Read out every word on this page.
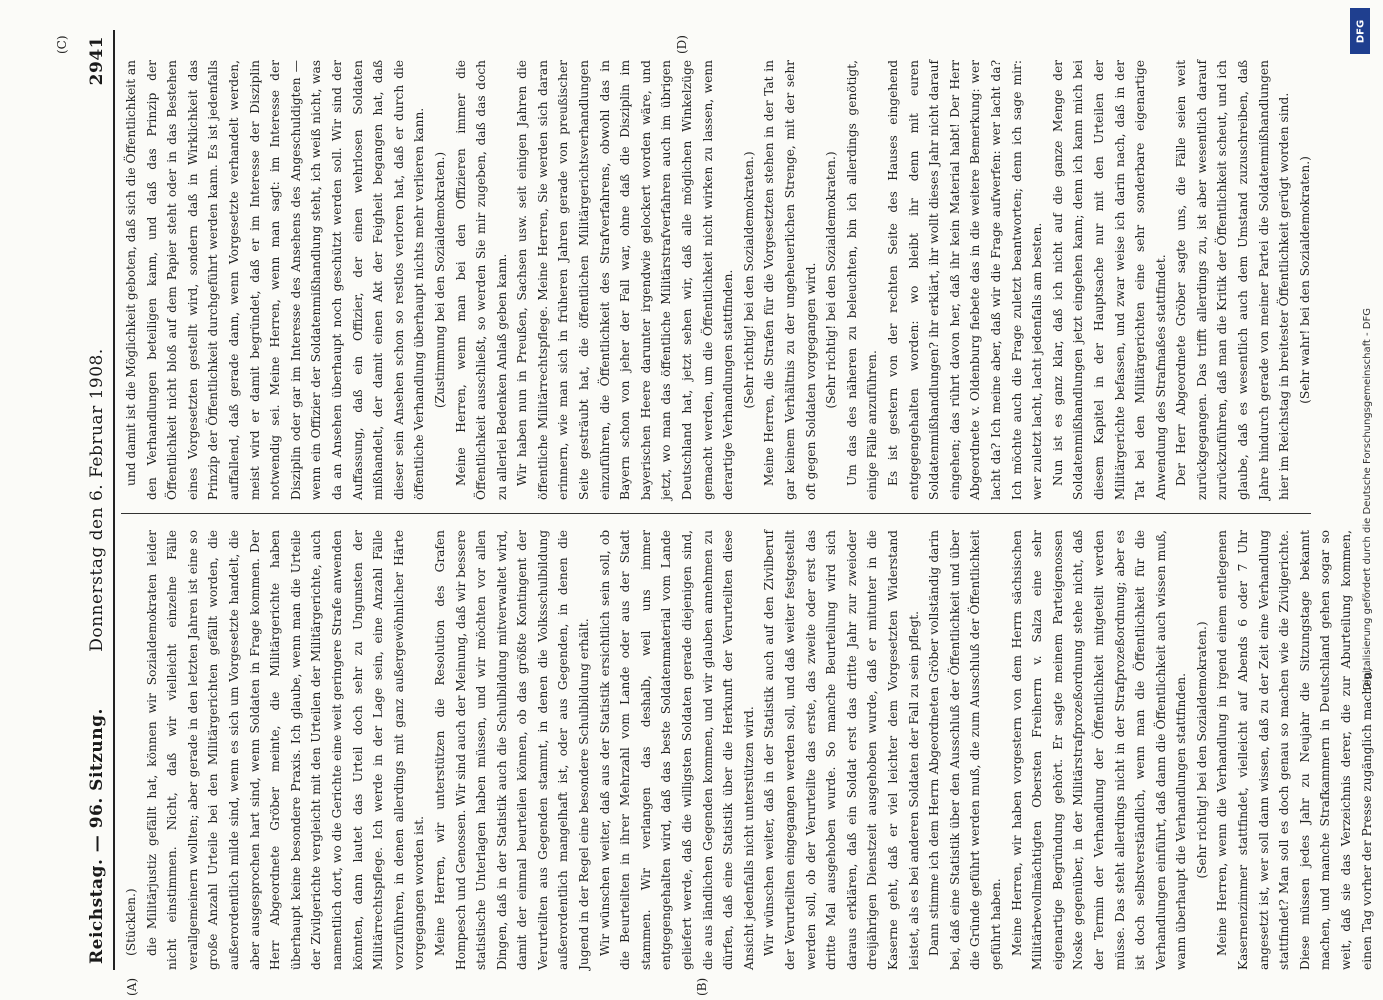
Reichstag. — 96. Sitzung.
Donnerstag den 6. Februar 1908.
2941
(A)	(B)
(C)	(D)

(Stücklen.) die Militärjustiz gefällt hat, können wir Sozialdemokraten leider nicht einstimmen. Nicht, daß wir vielleicht einzelne Fälle verallgemeinern wollten; aber gerade in den letzten Jahren ist eine so große Anzahl Urteile bei den Militärgerichten gefällt worden, die außerordentlich milde sind, wenn es sich um Vorgesetzte handelt, die aber ausgesprochen hart sind, wenn Soldaten in Frage kommen. Der Herr Abgeordnete Gröber meinte, die Militärgerichte haben überhaupt keine besondere Praxis. Ich glaube, wenn man die Urteile der Zivilgerichte vergleicht mit den Urteilen der Militärgerichte, auch namentlich dort, wo die Gerichte eine weit geringere Strafe anwenden könnten, dann lautet das Urteil doch sehr zu Ungunsten der Militärrechtspflege. Ich werde in der Lage sein, eine Anzahl Fälle vorzuführen, in denen allerdings mit ganz außergewöhnlicher Härte vorgegangen worden ist. Meine Herren, wir unterstützen die Resolution des Grafen Hompesch und Genossen. Wir sind auch der Meinung, daß wir bessere statistische Unterlagen haben müssen, und wir möchten vor allen Dingen, daß in der Statistik auch die Schulbildung mitverwaltet wird, damit der einmal beurteilen können, ob das größte Kontingent der Verurteilten aus Gegenden stammt, in denen die Volksschulbildung außerordentlich mangelhaft ist, oder aus Gegenden, in denen die Jugend in der Regel eine besondere Schulbildung erhält. Wir wünschen weiter, daß aus der Statistik ersichtlich sein soll, ob die Beurteilten in ihrer Mehrzahl vom Lande oder aus der Stadt stammen. Wir verlangen das deshalb, weil uns immer entgegengehalten wird, daß das beste Soldatenmaterial vom Lande geliefert werde, daß die willigsten Soldaten gerade diejenigen sind, die aus ländlichen Gegenden kommen, und wir glauben annehmen zu dürfen, daß eine Statistik über die Herkunft der Verurteilten diese Ansicht jedenfalls nicht unterstützen wird. Wir wünschen weiter, daß in der Statistik auch auf den Zivilberuf der Verurteilten eingegangen werden soll, und daß weiter festgestellt werden soll, ob der Verurteilte das erste, das zweite oder erst das dritte Mal ausgehoben wurde. So manche Beurteilung wird sich daraus erklären, daß ein Soldat erst das dritte Jahr zur zweioder dreijährigen Dienstzeit ausgehoben wurde, daß er mitunter in die Kaserne geht, daß er viel leichter dem Vorgesetzten Widerstand leistet, als es bei anderen Soldaten der Fall zu sein pflegt. Dann stimme ich dem Herrn Abgeordneten Gröber vollständig darin bei, daß eine Statistik über den Ausschluß der Öffentlichkeit und über die Gründe geführt werden muß, die zum Ausschluß der Öffentlichkeit geführt haben. Meine Herren, wir haben vorgestern von dem Herrn sächsischen Militärbevollmächtigten Obersten Freiherrn v. Salza eine sehr eigenartige Begründung gehört. Er sagte meinem Parteigenossen Noske gegenüber, in der Militärstrafprozeßordnung stehe nicht, daß der Termin der Verhandlung der Öffentlichkeit mitgeteilt werden müsse. Das steht allerdings nicht in der Strafprozeßordnung; aber es ist doch selbstverständlich, wenn man die Öffentlichkeit für die Verhandlungen einführt, daß dann die Öffentlichkeit auch wissen muß, wann überhaupt die Verhandlungen stattfinden. (Sehr richtig! bei den Sozialdemokraten.) Meine Herren, wenn die Verhandlung in irgend einem entlegenen Kasernenzimmer stattfindet, vielleicht auf Abends 6 oder 7 Uhr angesetzt ist, wer soll dann wissen, daß zu der Zeit eine Verhandlung stattfindet? Man soll es doch genau so machen wie die Zivilgerichte. Diese müssen jedes Jahr zu Neujahr die Sitzungstage bekannt machen, und manche Strafkammern in Deutschland gehen sogar so weit, daß sie das Verzeichnis derer, die zur Aburteilung kommen, einen Tag vorher der Presse zugänglich machen,

und damit ist die Möglichkeit geboten, daß sich die Öffentlichkeit an den Verhandlungen beteiligen kann, und daß das Prinzip der Öffentlichkeit nicht bloß auf dem Papier steht oder in das Bestehen eines Vorgesetzten gestellt wird, sondern daß in Wirklichkeit das Prinzip der Öffentlichkeit durchgeführt werden kann. Es ist jedenfalls auffallend, daß gerade dann, wenn Vorgesetzte verhandelt werden, meist wird er damit begründet, daß er im Interesse der Disziplin notwendig sei. Meine Herren, wenn man sagt: im Interesse der Disziplin oder gar im Interesse des Ansehens des Angeschuldigten — wenn ein Offizier der Soldatenmißhandlung steht, ich weiß nicht, was da an Ansehen überhaupt noch geschützt werden soll. Wir sind der Auffassung, daß ein Offizier, der einen wehrlosen Soldaten mißhandelt, der damit einen Akt der Feigheit begangen hat, daß dieser sein Ansehen schon so restlos verloren hat, daß er durch die öffentliche Verhandlung überhaupt nichts mehr verlieren kann. (Zustimmung bei den Sozialdemokraten.) Meine Herren, wenn man bei den Offizieren immer die Öffentlichkeit ausschließt, so werden Sie mir zugeben, daß das doch zu allerlei Bedenken Anlaß geben kann. Wir haben nun in Preußen, Sachsen usw. seit einigen Jahren die öffentliche Militärrechtspflege. Meine Herren, Sie werden sich daran erinnern, wie man sich in früheren Jahren gerade von preußischer Seite gesträubt hat, die öffentlichen Militärgerichtsverhandlungen einzuführen, die Öffentlichkeit des Strafverfahrens, obwohl das in Bayern schon von jeher der Fall war, ohne daß die Disziplin im bayerischen Heere darunter irgendwie gelockert worden wäre, und jetzt, wo man das öffentliche Militärstrafverfahren auch im übrigen Deutschland hat, jetzt sehen wir, daß alle möglichen Winkelzüge gemacht werden, um die Öffentlichkeit nicht wirken zu lassen, wenn derartige Verhandlungen stattfinden. (Sehr richtig! bei den Sozialdemokraten.) Meine Herren, die Strafen für die Vorgesetzten stehen in der Tat in gar keinem Verhältnis zu der ungeheuerlichen Strenge, mit der sehr oft gegen Soldaten vorgegangen wird. (Sehr richtig! bei den Sozialdemokraten.) Um das des näheren zu beleuchten, bin ich allerdings genötigt, einige Fälle anzuführen. Es ist gestern von der rechten Seite des Hauses eingehend entgegengehalten worden: wo bleibt ihr denn mit euren Soldatenmißhandlungen? ihr erklärt, ihr wollt dieses Jahr nicht darauf eingehen; das rührt davon her, daß ihr kein Material habt! Der Herr Abgeordnete v. Oldenburg fiebete das in die weitere Bemerkung: wer lacht da? Ich meine aber, daß wir die Frage aufwerfen: wer lacht da? Ich möchte auch die Frage zuletzt beantworten; denn ich sage mir: wer zuletzt lacht, lacht jedenfalls am besten. Nun ist es ganz klar, daß ich nicht auf die ganze Menge der Soldatenmißhandlungen jetzt eingehen kann; denn ich kann mich bei diesem Kapitel in der Hauptsache nur mit den Urteilen der Militärgerichte befassen, und zwar weise ich darin nach, daß in der Tat bei den Militärgerichten eine sehr sonderbare eigenartige Anwendung des Strafmaßes stattfindet. Der Herr Abgeordnete Gröber sagte uns, die Fälle seien weit zurückgegangen. Das trifft allerdings zu, ist aber wesentlich darauf zurückzuführen, daß man die Kritik der Öffentlichkeit scheut, und ich glaube, daß es wesentlich auch dem Umstand zuzuschreiben, daß Jahre hindurch gerade von meiner Partei die Soldatenmißhandlungen hier im Reichstag in breitester Öffentlichkeit gerügt worden sind. (Sehr wahr! bei den Sozialdemokraten.)

DFG
Digitalisierung gefördert durch die Deutsche Forschungsgemeinschaft - DFG
